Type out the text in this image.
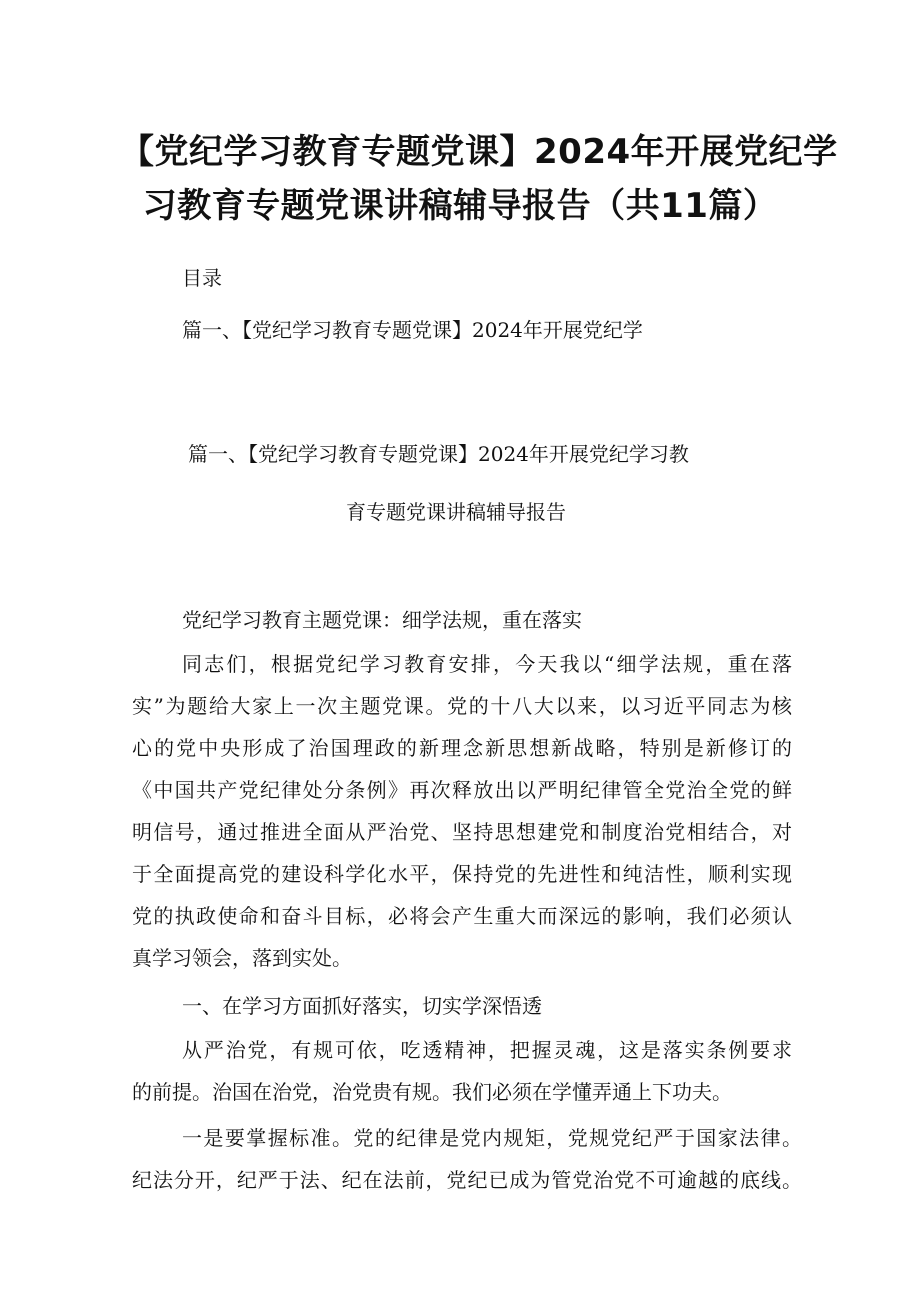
【党纪学习教育专题党课】2024年开展党纪学
习教育专题党课讲稿辅导报告（共11篇）
目录
篇一、【党纪学习教育专题党课】2024年开展党纪学
篇一、【党纪学习教育专题党课】2024年开展党纪学习教
育专题党课讲稿辅导报告
党纪学习教育主题党课：细学法规，重在落实
同志们，根据党纪学习教育安排，今天我以“细学法规，重在落
实”为题给大家上一次主题党课。党的十八大以来，以习近平同志为核
心的党中央形成了治国理政的新理念新思想新战略，特别是新修订的
《中国共产党纪律处分条例》再次释放出以严明纪律管全党治全党的鲜
明信号，通过推进全面从严治党、坚持思想建党和制度治党相结合，对
于全面提高党的建设科学化水平，保持党的先进性和纯洁性，顺利实现
党的执政使命和奋斗目标，必将会产生重大而深远的影响，我们必须认
真学习领会，落到实处。
一、在学习方面抓好落实，切实学深悟透
从严治党，有规可依，吃透精神，把握灵魂，这是落实条例要求
的前提。治国在治党，治党贵有规。我们必须在学懂弄通上下功夫。
一是要掌握标准。党的纪律是党内规矩，党规党纪严于国家法律。
纪法分开，纪严于法、纪在法前，党纪已成为管党治党不可逾越的底线。
